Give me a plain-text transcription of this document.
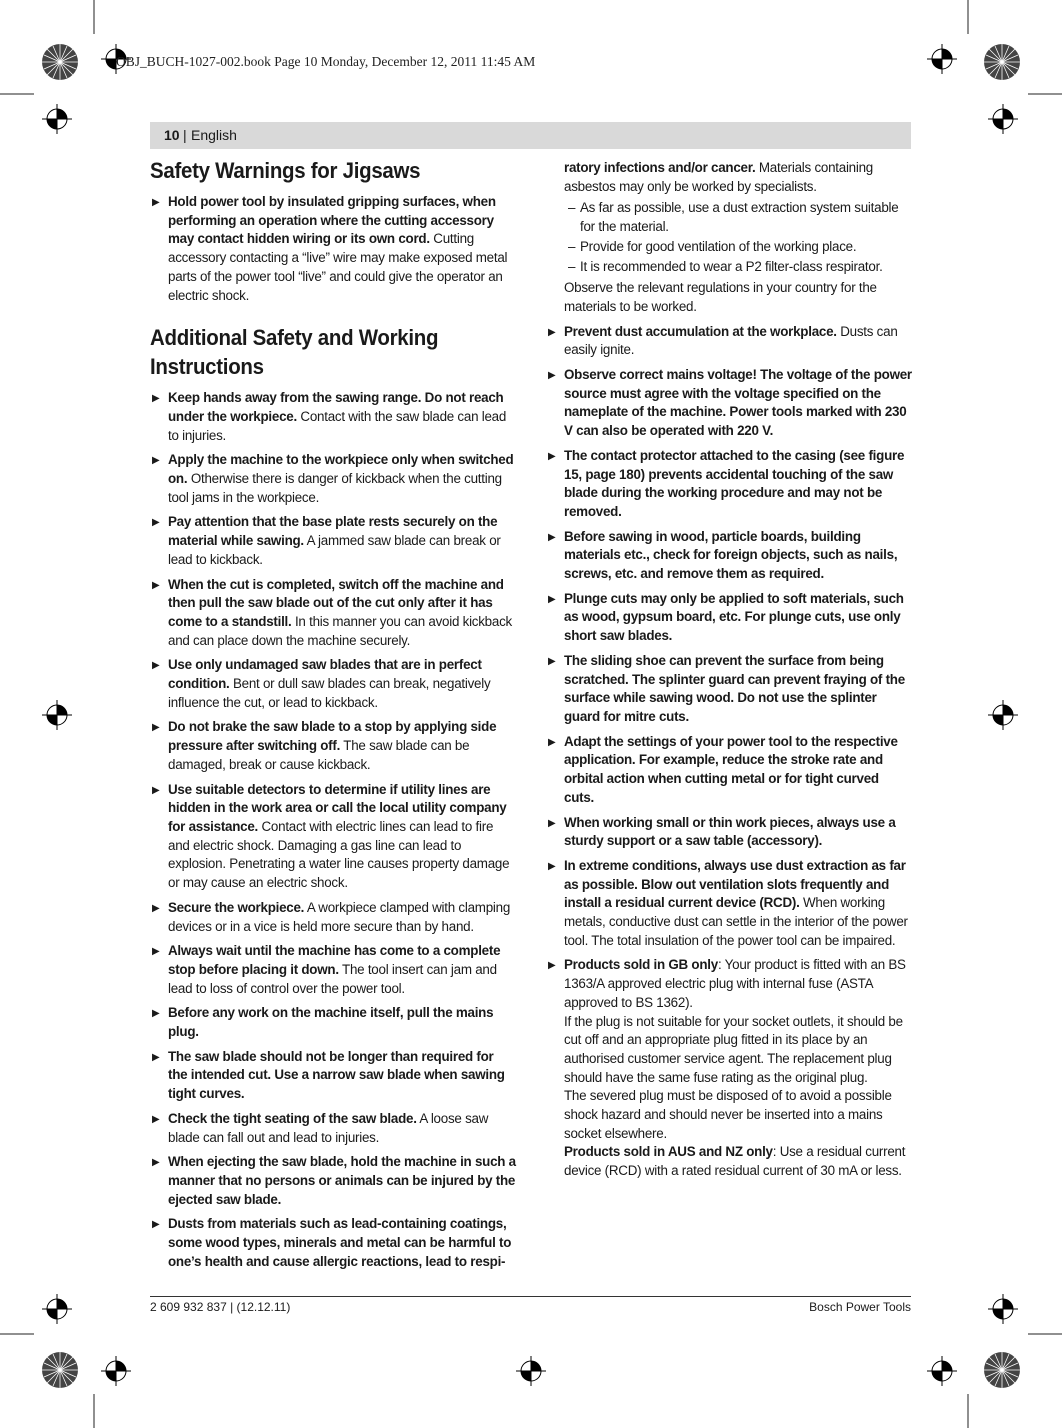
OBJ_BUCH-1027-002.book Page 10 Monday, December 12, 2011 11:45 AM
10 | English
Safety Warnings for Jigsaws
▶ Hold power tool by insulated gripping surfaces, when performing an operation where the cutting accessory may contact hidden wiring or its own cord. Cutting accessory contacting a “live” wire may make exposed metal parts of the power tool “live” and could give the operator an electric shock.
Additional Safety and Working Instructions
▶ Keep hands away from the sawing range. Do not reach under the workpiece. Contact with the saw blade can lead to injuries.
▶ Apply the machine to the workpiece only when switched on. Otherwise there is danger of kickback when the cutting tool jams in the workpiece.
▶ Pay attention that the base plate rests securely on the material while sawing. A jammed saw blade can break or lead to kickback.
▶ When the cut is completed, switch off the machine and then pull the saw blade out of the cut only after it has come to a standstill. In this manner you can avoid kickback and can place down the machine securely.
▶ Use only undamaged saw blades that are in perfect condition. Bent or dull saw blades can break, negatively influence the cut, or lead to kickback.
▶ Do not brake the saw blade to a stop by applying side pressure after switching off. The saw blade can be damaged, break or cause kickback.
▶ Use suitable detectors to determine if utility lines are hidden in the work area or call the local utility company for assistance. Contact with electric lines can lead to fire and electric shock. Damaging a gas line can lead to explosion. Penetrating a water line causes property damage or may cause an electric shock.
▶ Secure the workpiece. A workpiece clamped with clamping devices or in a vice is held more secure than by hand.
▶ Always wait until the machine has come to a complete stop before placing it down. The tool insert can jam and lead to loss of control over the power tool.
▶ Before any work on the machine itself, pull the mains plug.
▶ The saw blade should not be longer than required for the intended cut. Use a narrow saw blade when sawing tight curves.
▶ Check the tight seating of the saw blade. A loose saw blade can fall out and lead to injuries.
▶ When ejecting the saw blade, hold the machine in such a manner that no persons or animals can be injured by the ejected saw blade.
▶ Dusts from materials such as lead-containing coatings, some wood types, minerals and metal can be harmful to one’s health and cause allergic reactions, lead to respi-
ratory infections and/or cancer. Materials containing asbestos may only be worked by specialists.
– As far as possible, use a dust extraction system suitable for the material.
– Provide for good ventilation of the working place.
– It is recommended to wear a P2 filter-class respirator.
Observe the relevant regulations in your country for the materials to be worked.
▶ Prevent dust accumulation at the workplace. Dusts can easily ignite.
▶ Observe correct mains voltage! The voltage of the power source must agree with the voltage specified on the nameplate of the machine. Power tools marked with 230 V can also be operated with 220 V.
▶ The contact protector attached to the casing (see figure 15, page 180) prevents accidental touching of the saw blade during the working procedure and may not be removed.
▶ Before sawing in wood, particle boards, building materials etc., check for foreign objects, such as nails, screws, etc. and remove them as required.
▶ Plunge cuts may only be applied to soft materials, such as wood, gypsum board, etc. For plunge cuts, use only short saw blades.
▶ The sliding shoe can prevent the surface from being scratched. The splinter guard can prevent fraying of the surface while sawing wood. Do not use the splinter guard for mitre cuts.
▶ Adapt the settings of your power tool to the respective application. For example, reduce the stroke rate and orbital action when cutting metal or for tight curved cuts.
▶ When working small or thin work pieces, always use a sturdy support or a saw table (accessory).
▶ In extreme conditions, always use dust extraction as far as possible. Blow out ventilation slots frequently and install a residual current device (RCD). When working metals, conductive dust can settle in the interior of the power tool. The total insulation of the power tool can be impaired.

▶ Products sold in GB only: Your product is fitted with an BS 1363/A approved electric plug with internal fuse (ASTA approved to BS 1362).

If the plug is not suitable for your socket outlets, it should be cut off and an appropriate plug fitted in its place by an authorised customer service agent. The replacement plug should have the same fuse rating as the original plug.

The severed plug must be disposed of to avoid a possible shock hazard and should never be inserted into a mains socket elsewhere.

Products sold in AUS and NZ only: Use a residual current device (RCD) with a rated residual current of 30 mA or less.

2 609 932 837 | (12.12.11)	Bosch Power Tools
